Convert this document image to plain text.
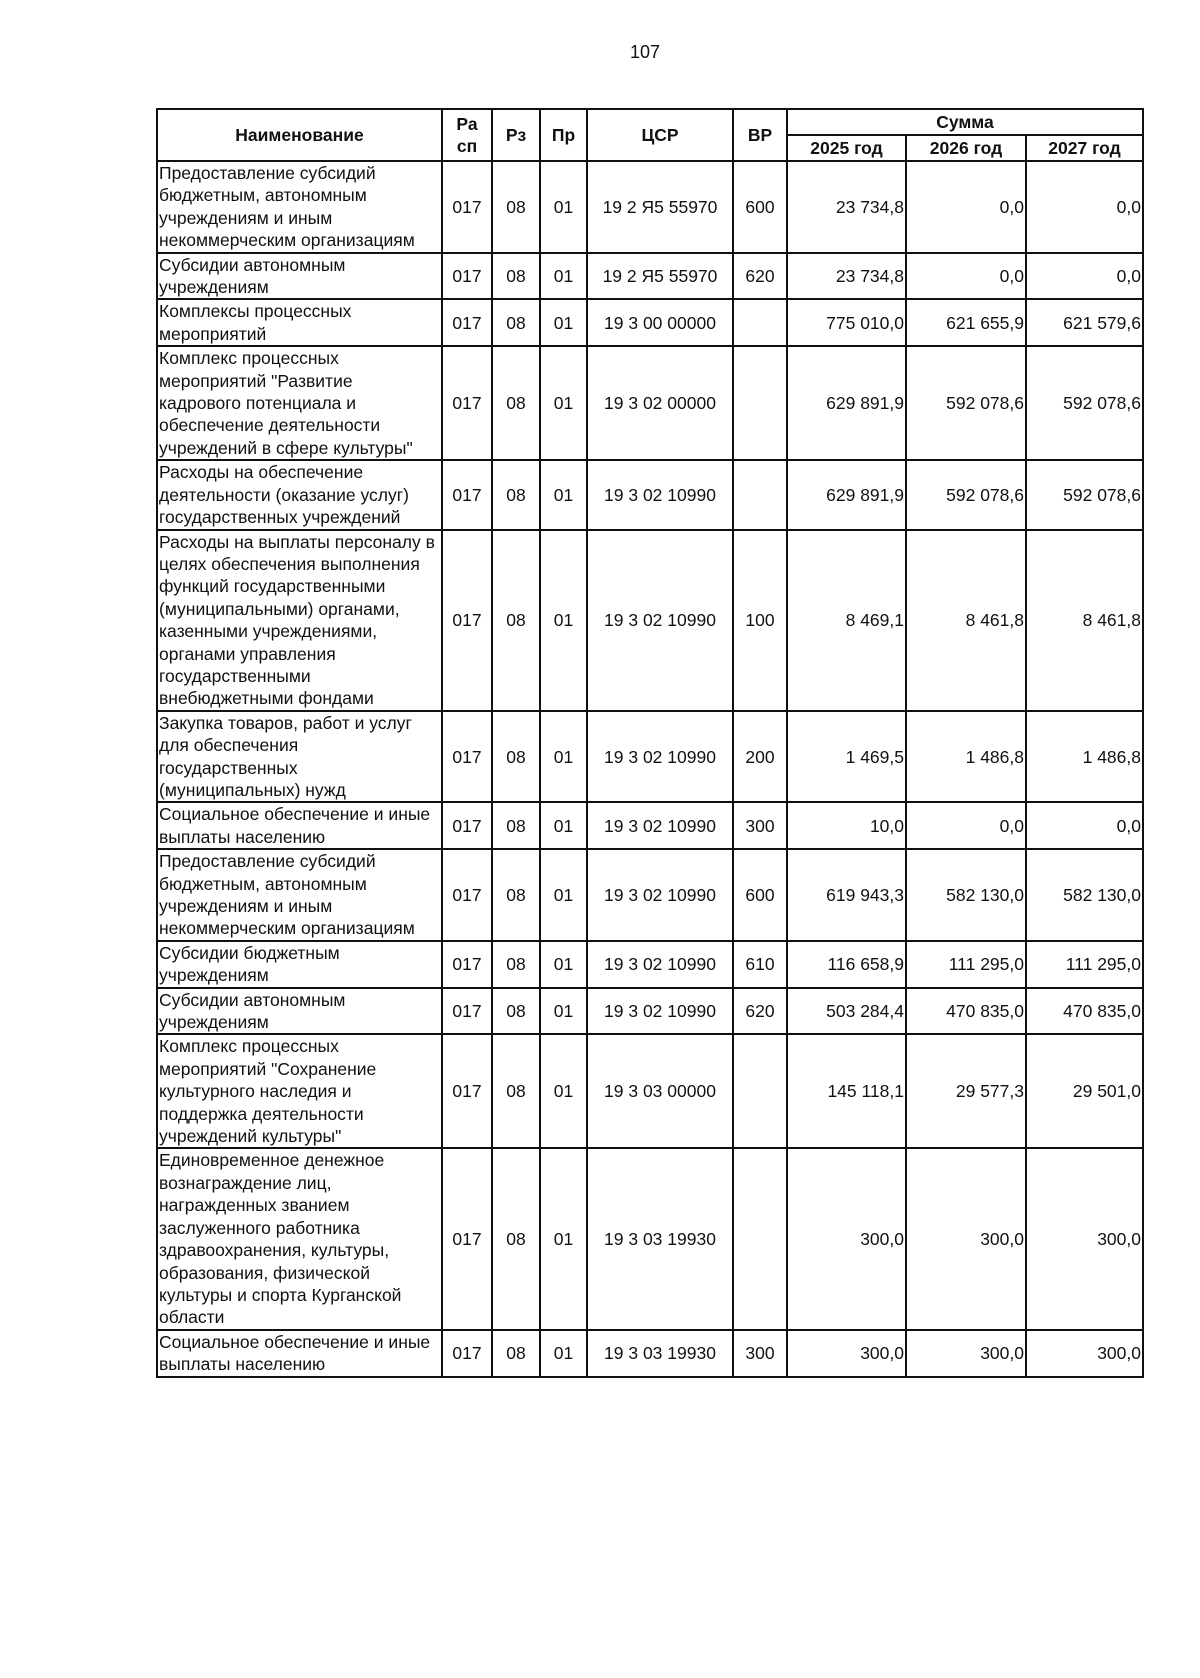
107
Наименование	Ра сп	Рз	Пр	ЦСР	ВР	Сумма		
						2025 год	2026 год	2027 год
Предоставление субсидий бюджетным, автономным учреждениям и иным некоммерческим организациям	017	08	01	19 2 Я5 55970	600	23 734,8	0,0	0,0
Субсидии автономным учреждениям	017	08	01	19 2 Я5 55970	620	23 734,8	0,0	0,0
Комплексы процессных мероприятий	017	08	01	19 3 00 00000		775 010,0	621 655,9	621 579,6
Комплекс процессных мероприятий "Развитие кадрового потенциала и обеспечение деятельности учреждений в сфере культуры"	017	08	01	19 3 02 00000		629 891,9	592 078,6	592 078,6
Расходы на обеспечение деятельности (оказание услуг) государственных учреждений	017	08	01	19 3 02 10990		629 891,9	592 078,6	592 078,6
Расходы на выплаты персоналу в целях обеспечения выполнения функций государственными (муниципальными) органами, казенными учреждениями, органами управления государственными внебюджетными фондами	017	08	01	19 3 02 10990	100	8 469,1	8 461,8	8 461,8
Закупка товаров, работ и услуг для обеспечения государственных (муниципальных) нужд	017	08	01	19 3 02 10990	200	1 469,5	1 486,8	1 486,8
Социальное обеспечение и иные выплаты населению	017	08	01	19 3 02 10990	300	10,0	0,0	0,0
Предоставление субсидий бюджетным, автономным учреждениям и иным некоммерческим организациям	017	08	01	19 3 02 10990	600	619 943,3	582 130,0	582 130,0
Субсидии бюджетным учреждениям	017	08	01	19 3 02 10990	610	116 658,9	111 295,0	111 295,0
Субсидии автономным учреждениям	017	08	01	19 3 02 10990	620	503 284,4	470 835,0	470 835,0
Комплекс процессных мероприятий "Сохранение культурного наследия и поддержка деятельности учреждений культуры"	017	08	01	19 3 03 00000		145 118,1	29 577,3	29 501,0
Единовременное денежное вознаграждение лиц, награжденных званием заслуженного работника здравоохранения, культуры, образования, физической культуры и спорта Курганской области	017	08	01	19 3 03 19930		300,0	300,0	300,0
Социальное обеспечение и иные выплаты населению	017	08	01	19 3 03 19930	300	300,0	300,0	300,0
